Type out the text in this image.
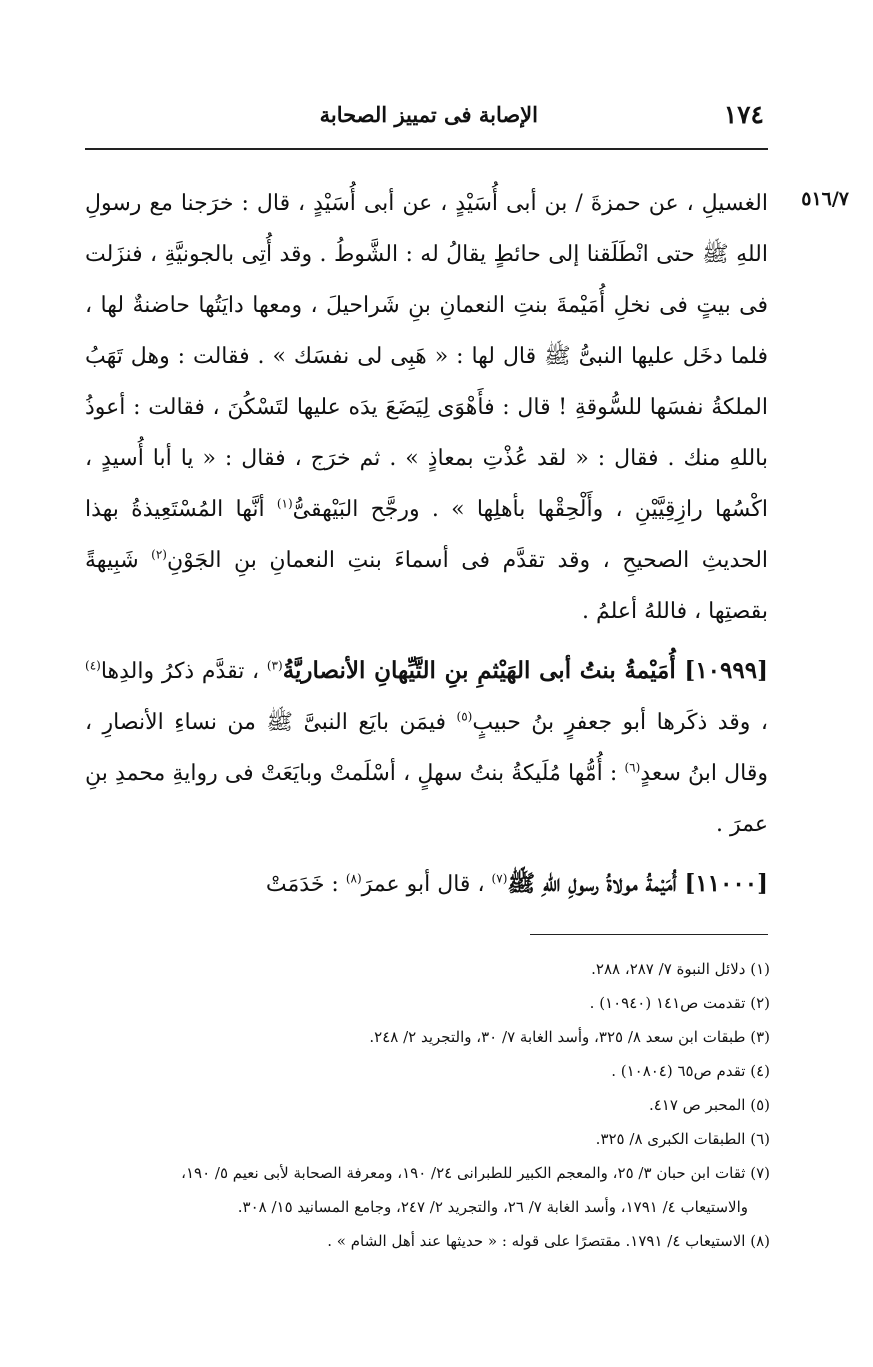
١٧٤
الإصابة فى تمييز الصحابة
٥١٦/٧

الغسيلِ ، عن حمزةَ / بن أبى أُسَيْدٍ ، عن أبى أُسَيْدٍ ، قال : خرَجنا مع رسولِ اللهِ ﷺ حتى انْطَلَقنا إلى حائطٍ يقالُ له : الشَّوطُ . وقد أُتِى بالجونيَّةِ ، فنزَلت فى بيتٍ فى نخلِ أُمَيْمةَ بنتِ النعمانِ بنِ شَراحيلَ ، ومعها دايَتُها حاضنةٌ لها ، فلما دخَل عليها النبىُّ ﷺ قال لها : « هَبِى لى نفسَك » . فقالت : وهل تَهَبُ الملكةُ نفسَها للسُّوقةِ ! قال : فأَهْوَى لِيَضَعَ يدَه عليها لتَسْكُنَ ، فقالت : أعوذُ باللهِ منك . فقال : « لقد عُذْتِ بمعاذٍ » . ثم خرَج ، فقال : « يا أبا أُسيدٍ ، اكْسُها رازِقِيَّيْنِ ، وأَلْحِقْها بأهلِها » . ورجَّح البَيْهقىُّ$^{(١)}$ أنَّها المُسْتَعِيذةُ بهذا الحديثِ الصحيحِ ، وقد تقدَّم فى أسماءَ بنتِ النعمانِ بنِ الجَوْنِ$^{(٢)}$ شَبِيهةً بقصتِها ، فاللهُ أعلمُ .

[١٠٩٩٩] أُمَيْمةُ بنتُ أبى الهَيْثمِ بنِ التَّيِّهانِ الأنصاريَّةُ$^{(٣)}$ ، تقدَّم ذكرُ والدِها$^{(٤)}$ ، وقد ذكَرها أبو جعفرٍ بنُ حبيبٍ$^{(٥)}$ فيمَن بايَع النبىَّ ﷺ من نساءِ الأنصارِ ، وقال ابنُ سعدٍ$^{(٦)}$ : أُمُّها مُلَيكةُ بنتُ سهلٍ ، أسْلَمتْ وبايَعَتْ فى روايةِ محمدِ بنِ عمرَ .

[١١٠٠٠] أُمَيْمةُ مولاةُ رسولِ اللهِ ﷺ$^{(٧)}$ ، قال أبو عمرَ$^{(٨)}$ : خَدَمَتْ

(١) دلائل النبوة ٧/ ٢٨٧، ٢٨٨.

(٢) تقدمت ص١٤١ (١٠٩٤٠) .

(٣) طبقات ابن سعد ٨/ ٣٢٥، وأسد الغابة ٧/ ٣٠، والتجريد ٢/ ٢٤٨.

(٤) تقدم ص٦٥ (١٠٨٠٤) .

(٥) المحبر ص ٤١٧.

(٦) الطبقات الكبرى ٨/ ٣٢٥.

(٧) ثقات ابن حبان ٣/ ٢٥، والمعجم الكبير للطبرانى ٢٤/ ١٩٠، ومعرفة الصحابة لأبى نعيم ٥/ ١٩٠،

والاستيعاب ٤/ ١٧٩١، وأسد الغابة ٧/ ٢٦، والتجريد ٢/ ٢٤٧، وجامع المسانيد ١٥/ ٣٠٨.

(٨) الاستيعاب ٤/ ١٧٩١. مقتصرًا على قوله : « حديثها عند أهل الشام » .
